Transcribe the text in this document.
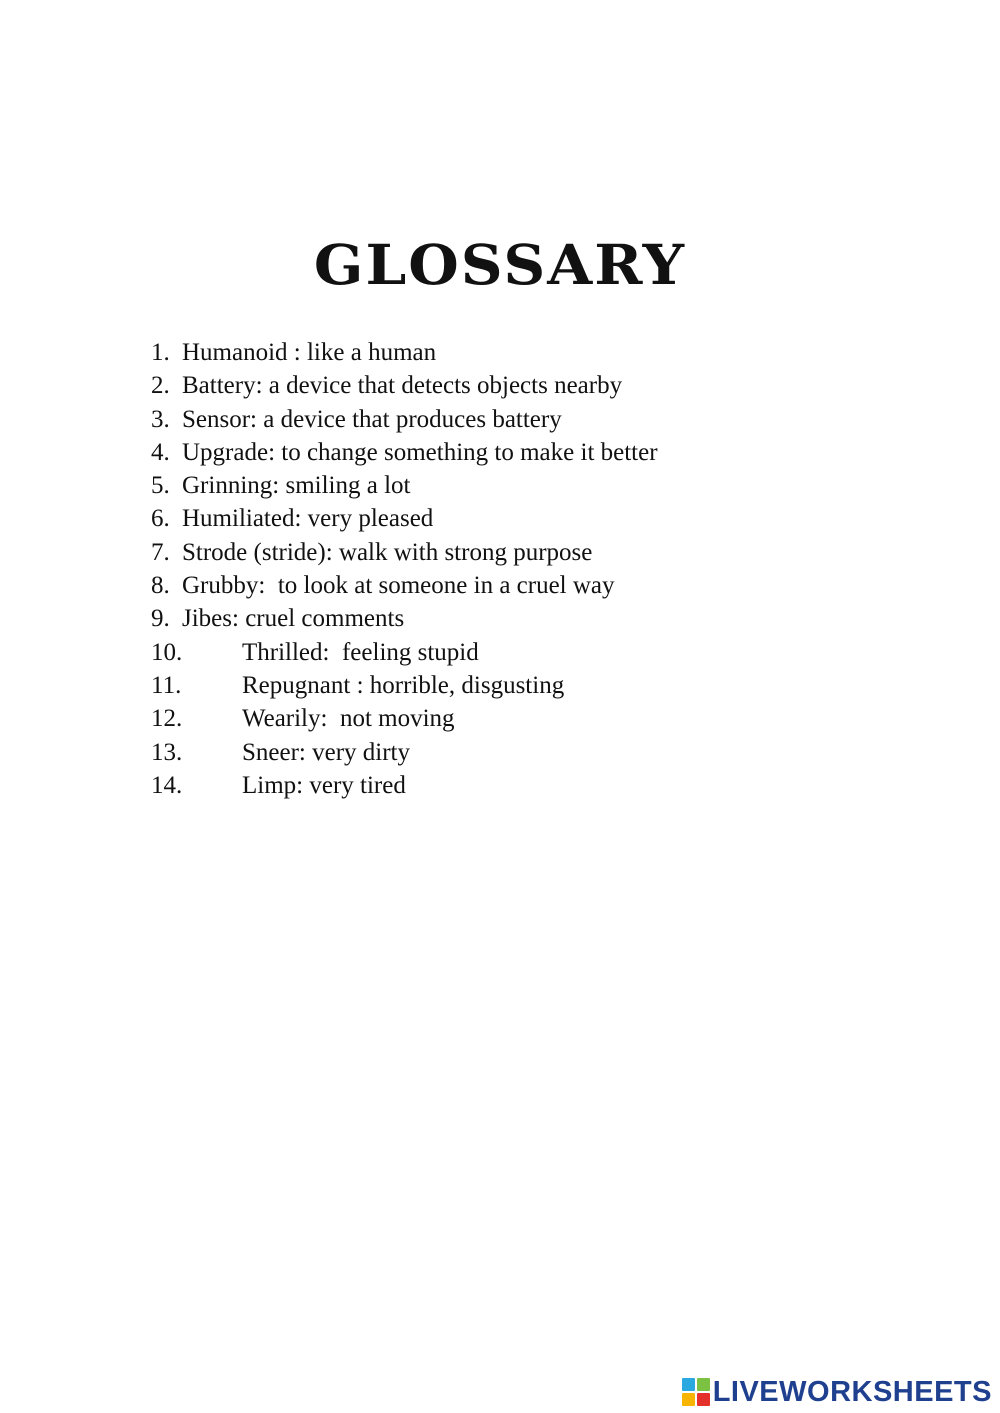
GLOSSARY
1. Humanoid : like a human
2. Battery: a device that detects objects nearby
3. Sensor: a device that produces battery
4. Upgrade: to change something to make it better
5. Grinning: smiling a lot
6. Humiliated: very pleased
7. Strode (stride): walk with strong purpose
8. Grubby:  to look at someone in a cruel way
9. Jibes: cruel comments
10.	Thrilled:  feeling stupid
11.	Repugnant : horrible, disgusting
12.	Wearily:  not moving
13.	Sneer: very dirty
14.	Limp: very tired
LIVEWORKSHEETS
